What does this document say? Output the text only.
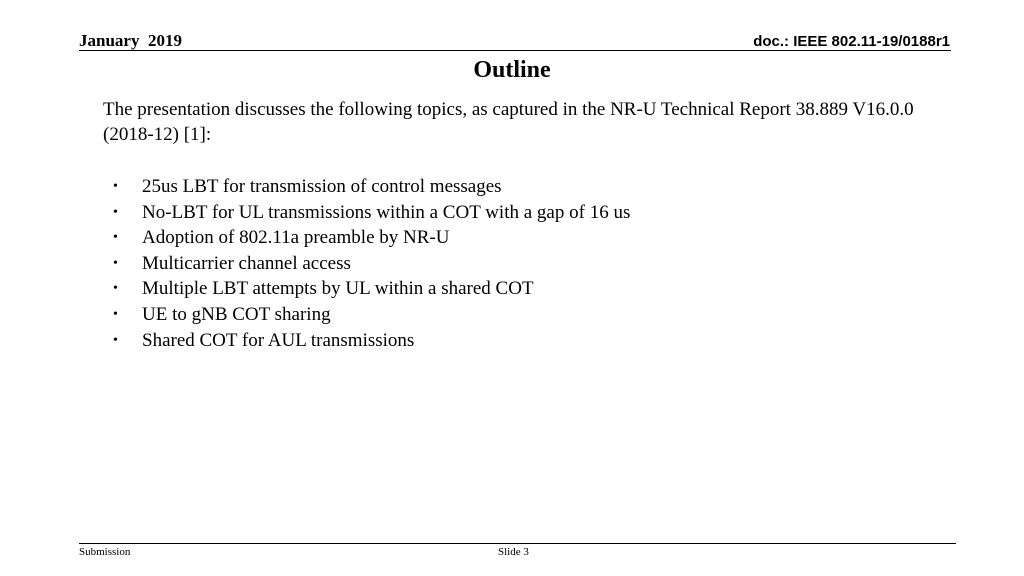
January  2019	doc.: IEEE 802.11-19/0188r1
Outline
The presentation discusses the following topics, as captured in the NR-U Technical Report 38.889 V16.0.0 (2018-12) [1]:
•	25us LBT for transmission of control messages
•	No-LBT for UL transmissions within a COT with a gap of 16 us
•	Adoption of 802.11a preamble by NR-U
•	Multicarrier channel access
•	Multiple LBT attempts by UL within a shared COT
•	UE to gNB COT sharing
•	Shared COT for AUL transmissions
Submission	Slide 3
